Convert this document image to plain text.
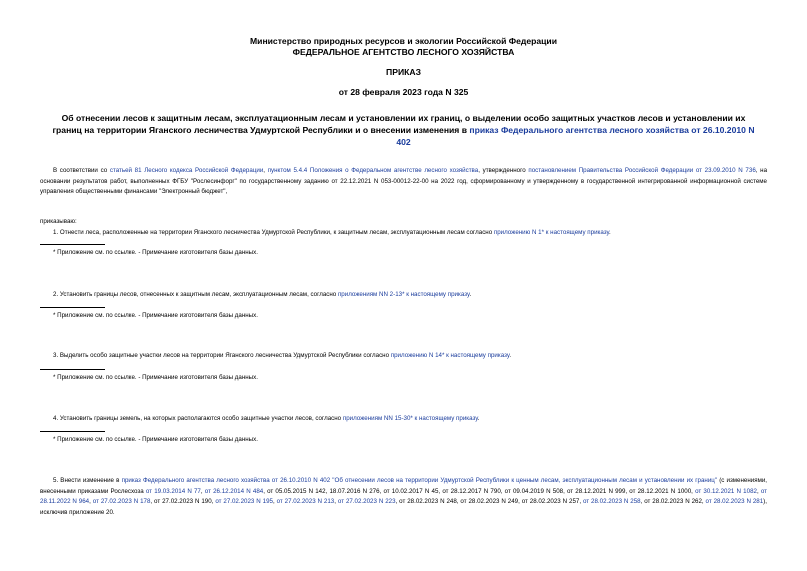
Министерство природных ресурсов и экологии Российской Федерации
ФЕДЕРАЛЬНОЕ АГЕНТСТВО ЛЕСНОГО ХОЗЯЙСТВА
ПРИКАЗ
от 28 февраля 2023 года N 325
Об отнесении лесов к защитным лесам, эксплуатационным лесам и установлении их границ, о выделении особо защитных участков лесов и установлении их
границ на территории Яганского лесничества Удмуртской Республики и о внесении изменения в приказ Федерального агентства лесного хозяйства от 26.10.2010 N
402
В соответствии со статьей 81 Лесного кодекса Российской Федерации, пунктом 5.4.4 Положения о Федеральном агентстве лесного хозяйства, утвержденного постановлением Правительства Российской Федерации от 23.09.2010 N 736, на основании результатов работ, выполненных ФГБУ "Рослесинфорг" по государственному заданию от 22.12.2021 N 053-00012-22-00 на 2022 год, сформированному и утвержденному в государственной интегрированной информационной системе управления общественными финансами "Электронный бюджет",
приказываю:
1. Отнести леса, расположенные на территории Яганского лесничества Удмуртской Республики, к защитным лесам, эксплуатационным лесам согласно приложению N 1* к настоящему приказу.
* Приложение см. по ссылке. - Примечание изготовителя базы данных.
2. Установить границы лесов, отнесенных к защитным лесам, эксплуатационным лесам, согласно приложениям NN 2-13* к настоящему приказу.
* Приложение см. по ссылке. - Примечание изготовителя базы данных.
3. Выделить особо защитные участки лесов на территории Яганского лесничества Удмуртской Республики согласно приложению N 14* к настоящему приказу.
* Приложение см. по ссылке. - Примечание изготовителя базы данных.
4. Установить границы земель, на которых располагаются особо защитные участки лесов, согласно приложениям NN 15-30* к настоящему приказу.
* Приложение см. по ссылке. - Примечание изготовителя базы данных.
5. Внести изменение в приказ Федерального агентства лесного хозяйства от 26.10.2010 N 402 "Об отнесении лесов на территории Удмуртской Республики к ценным лесам, эксплуатационным лесам и установлении их границ" (с изменениями, внесенными приказами Рослесхоза от 19.03.2014 N 77, от 26.12.2014 N 484, от 05.05.2015 N 142, 18.07.2016 N 276, от 10.02.2017 N 45, от 28.12.2017 N 790, от 09.04.2019 N 508, от 28.12.2021 N 999, от 28.12.2021 N 1000, от 30.12.2021 N 1082, от 28.11.2022 N 964, от 27.02.2023 N 178, от 27.02.2023 N 190, от 27.02.2023 N 195, от 27.02.2023 N 213, от 27.02.2023 N 223, от 28.02.2023 N 248, от 28.02.2023 N 249, от 28.02.2023 N 257, от 28.02.2023 N 258, от 28.02.2023 N 262, от 28.02.2023 N 281), исключив приложение 20.
